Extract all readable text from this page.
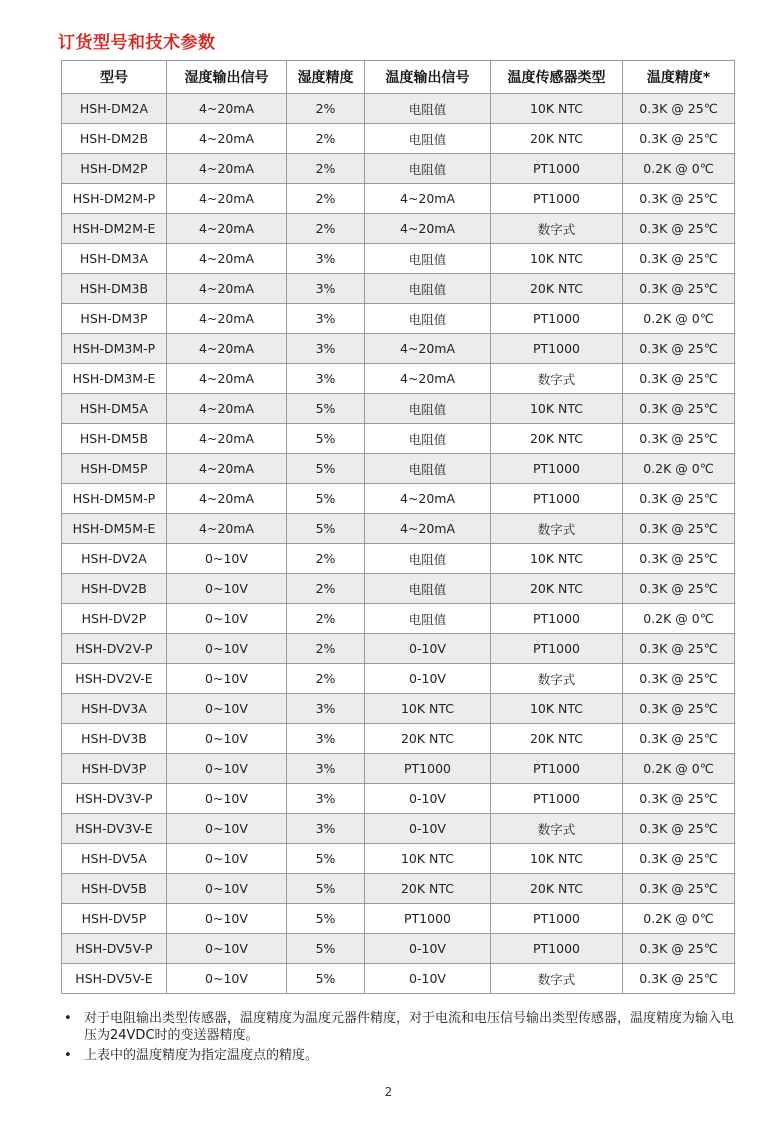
订货型号和技术参数
型号	湿度输出信号	湿度精度	温度输出信号	温度传感器类型	温度精度*
HSH-DM2A	4~20mA	2%	电阻值	10K NTC	0.3K @ 25℃
HSH-DM2B	4~20mA	2%	电阻值	20K NTC	0.3K @ 25℃
HSH-DM2P	4~20mA	2%	电阻值	PT1000	0.2K @ 0℃
HSH-DM2M-P	4~20mA	2%	4~20mA	PT1000	0.3K @ 25℃
HSH-DM2M-E	4~20mA	2%	4~20mA	数字式	0.3K @ 25℃
HSH-DM3A	4~20mA	3%	电阻值	10K NTC	0.3K @ 25℃
HSH-DM3B	4~20mA	3%	电阻值	20K NTC	0.3K @ 25℃
HSH-DM3P	4~20mA	3%	电阻值	PT1000	0.2K @ 0℃
HSH-DM3M-P	4~20mA	3%	4~20mA	PT1000	0.3K @ 25℃
HSH-DM3M-E	4~20mA	3%	4~20mA	数字式	0.3K @ 25℃
HSH-DM5A	4~20mA	5%	电阻值	10K NTC	0.3K @ 25℃
HSH-DM5B	4~20mA	5%	电阻值	20K NTC	0.3K @ 25℃
HSH-DM5P	4~20mA	5%	电阻值	PT1000	0.2K @ 0℃
HSH-DM5M-P	4~20mA	5%	4~20mA	PT1000	0.3K @ 25℃
HSH-DM5M-E	4~20mA	5%	4~20mA	数字式	0.3K @ 25℃
HSH-DV2A	0~10V	2%	电阻值	10K NTC	0.3K @ 25℃
HSH-DV2B	0~10V	2%	电阻值	20K NTC	0.3K @ 25℃
HSH-DV2P	0~10V	2%	电阻值	PT1000	0.2K @ 0℃
HSH-DV2V-P	0~10V	2%	0-10V	PT1000	0.3K @ 25℃
HSH-DV2V-E	0~10V	2%	0-10V	数字式	0.3K @ 25℃
HSH-DV3A	0~10V	3%	10K NTC	10K NTC	0.3K @ 25℃
HSH-DV3B	0~10V	3%	20K NTC	20K NTC	0.3K @ 25℃
HSH-DV3P	0~10V	3%	PT1000	PT1000	0.2K @ 0℃
HSH-DV3V-P	0~10V	3%	0-10V	PT1000	0.3K @ 25℃
HSH-DV3V-E	0~10V	3%	0-10V	数字式	0.3K @ 25℃
HSH-DV5A	0~10V	5%	10K NTC	10K NTC	0.3K @ 25℃
HSH-DV5B	0~10V	5%	20K NTC	20K NTC	0.3K @ 25℃
HSH-DV5P	0~10V	5%	PT1000	PT1000	0.2K @ 0℃
HSH-DV5V-P	0~10V	5%	0-10V	PT1000	0.3K @ 25℃
HSH-DV5V-E	0~10V	5%	0-10V	数字式	0.3K @ 25℃
• 对于电阻输出类型传感器，温度精度为温度元器件精度，对于电流和电压信号输出类型传感器，温度精度为输入电压为24VDC时的变送器精度。
• 上表中的温度精度为指定温度点的精度。
2
